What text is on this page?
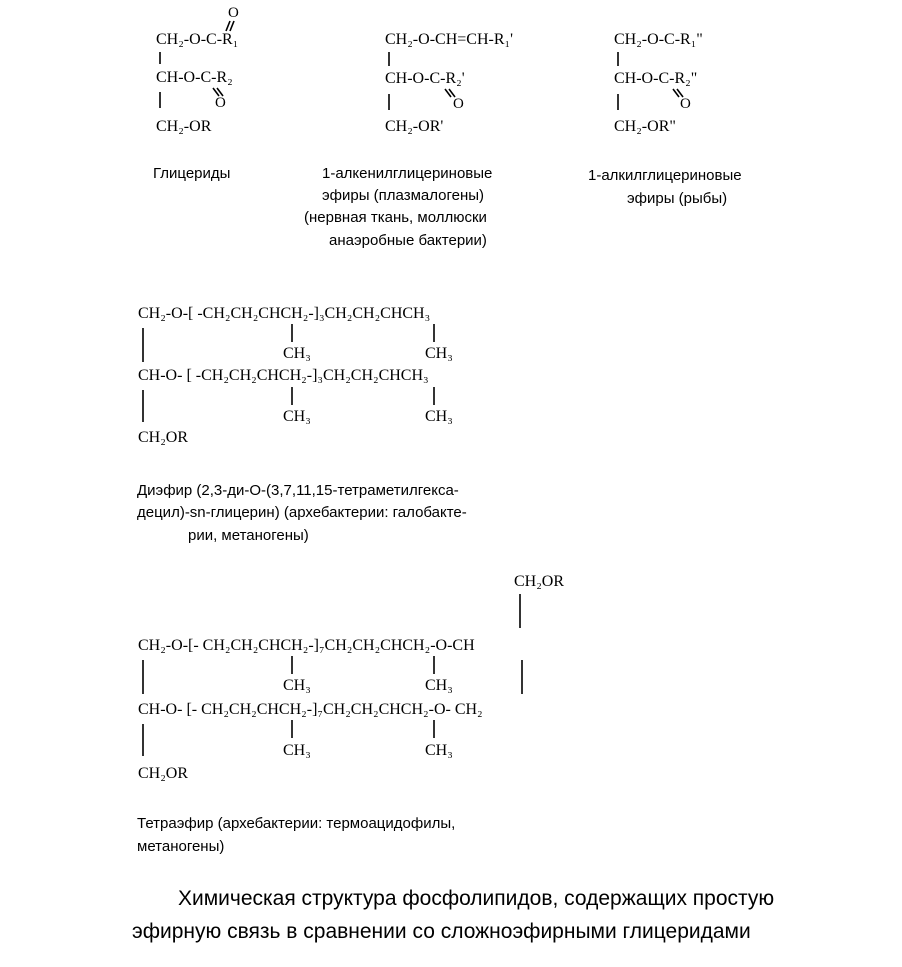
CH₂-O-C-R₁
O
CH-O-C-R₂
O
CH₂-OR
Глицериды
CH₂-O-CH=CH-R₁'
CH-O-C-R₂'
O
CH₂-OR'
1-алкенилглицериновые
эфиры (плазмалогены)
(нервная ткань, моллюски
анаэробные бактерии)
CH₂-O-C-R₁"
CH-O-C-R₂"
O
CH₂-OR"
1-алкилглицериновые
эфиры (рыбы)
CH₂-O-[ -CH₂CH₂CHCH₂-]₃CH₂CH₂CHCH₃
CH₃	CH₃
CH-O- [ -CH₂CH₂CHCH₂-]₃CH₂CH₂CHCH₃
CH₃	CH₃
CH₂OR
Диэфир (2,3-ди-O-(3,7,11,15-тетраметилгекса-
децил)-sn-глицерин) (архебактерии: галобакте-
рии, метаногены)
CH₂OR
CH₂-O-[- CH₂CH₂CHCH₂-]₇CH₂CH₂CHCH₂-O-CH
CH₃	CH₃
CH-O- [- CH₂CH₂CHCH₂-]₇CH₂CH₂CHCH₂-O- CH₂
CH₃	CH₃
CH₂OR
Тетраэфир (архебактерии: термоацидофилы,
метаногены)
Химическая структура фосфолипидов, содержащих простую
эфирную связь в сравнении со сложноэфирными глицеридами
